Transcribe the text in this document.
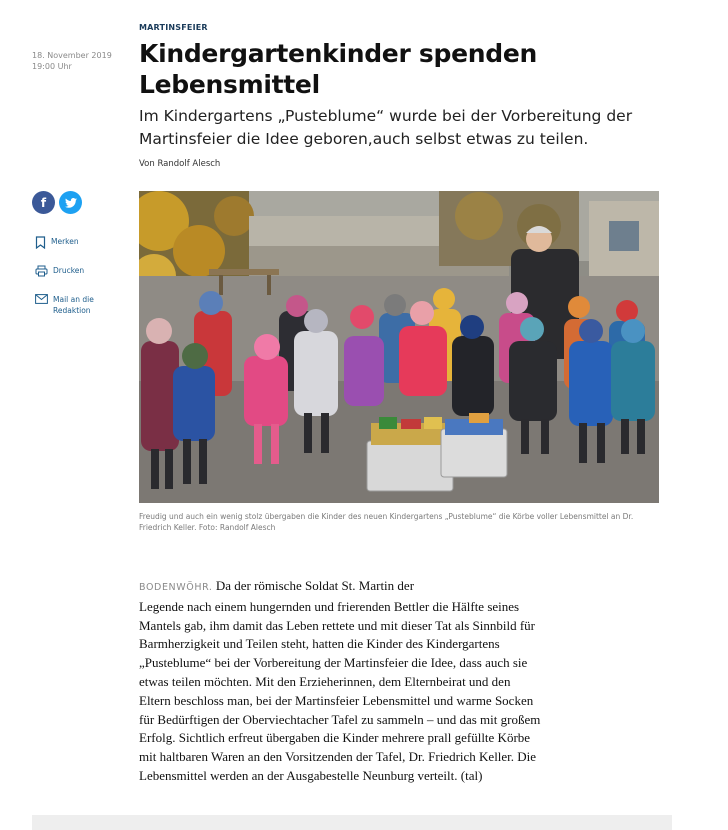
18. November 2019
19:00 Uhr
MARTINSFEIER
Kindergartenkinder spenden Lebensmittel
Im Kindergartens „Pusteblume“ wurde bei der Vorbereitung der Martinsfeier die Idee geboren,auch selbst etwas zu teilen.
Von Randolf Alesch
f
Merken
Drucken
Mail an die Redaktion
Freudig und auch ein wenig stolz übergaben die Kinder des neuen Kindergartens „Pusteblume“ die Körbe voller Lebensmittel an Dr. Friedrich Keller. Foto: Randolf Alesch
BODENWÖHR. Da der römische Soldat St. Martin der
Legende nach einem hungernden und frierenden Bettler die Hälfte seines
Mantels gab, ihm damit das Leben rettete und mit dieser Tat als Sinnbild für
Barmherzigkeit und Teilen steht, hatten die Kinder des Kindergartens
„Pusteblume“ bei der Vorbereitung der Martinsfeier die Idee, dass auch sie
etwas teilen möchten. Mit den Erzieherinnen, dem Elternbeirat und den
Eltern beschloss man, bei der Martinsfeier Lebensmittel und warme Socken
für Bedürftigen der Oberviechtacher Tafel zu sammeln – und das mit großem
Erfolg. Sichtlich erfreut übergaben die Kinder mehrere prall gefüllte Körbe
mit haltbaren Waren an den Vorsitzenden der Tafel, Dr. Friedrich Keller. Die
Lebensmittel werden an der Ausgabestelle Neunburg verteilt. (tal)
